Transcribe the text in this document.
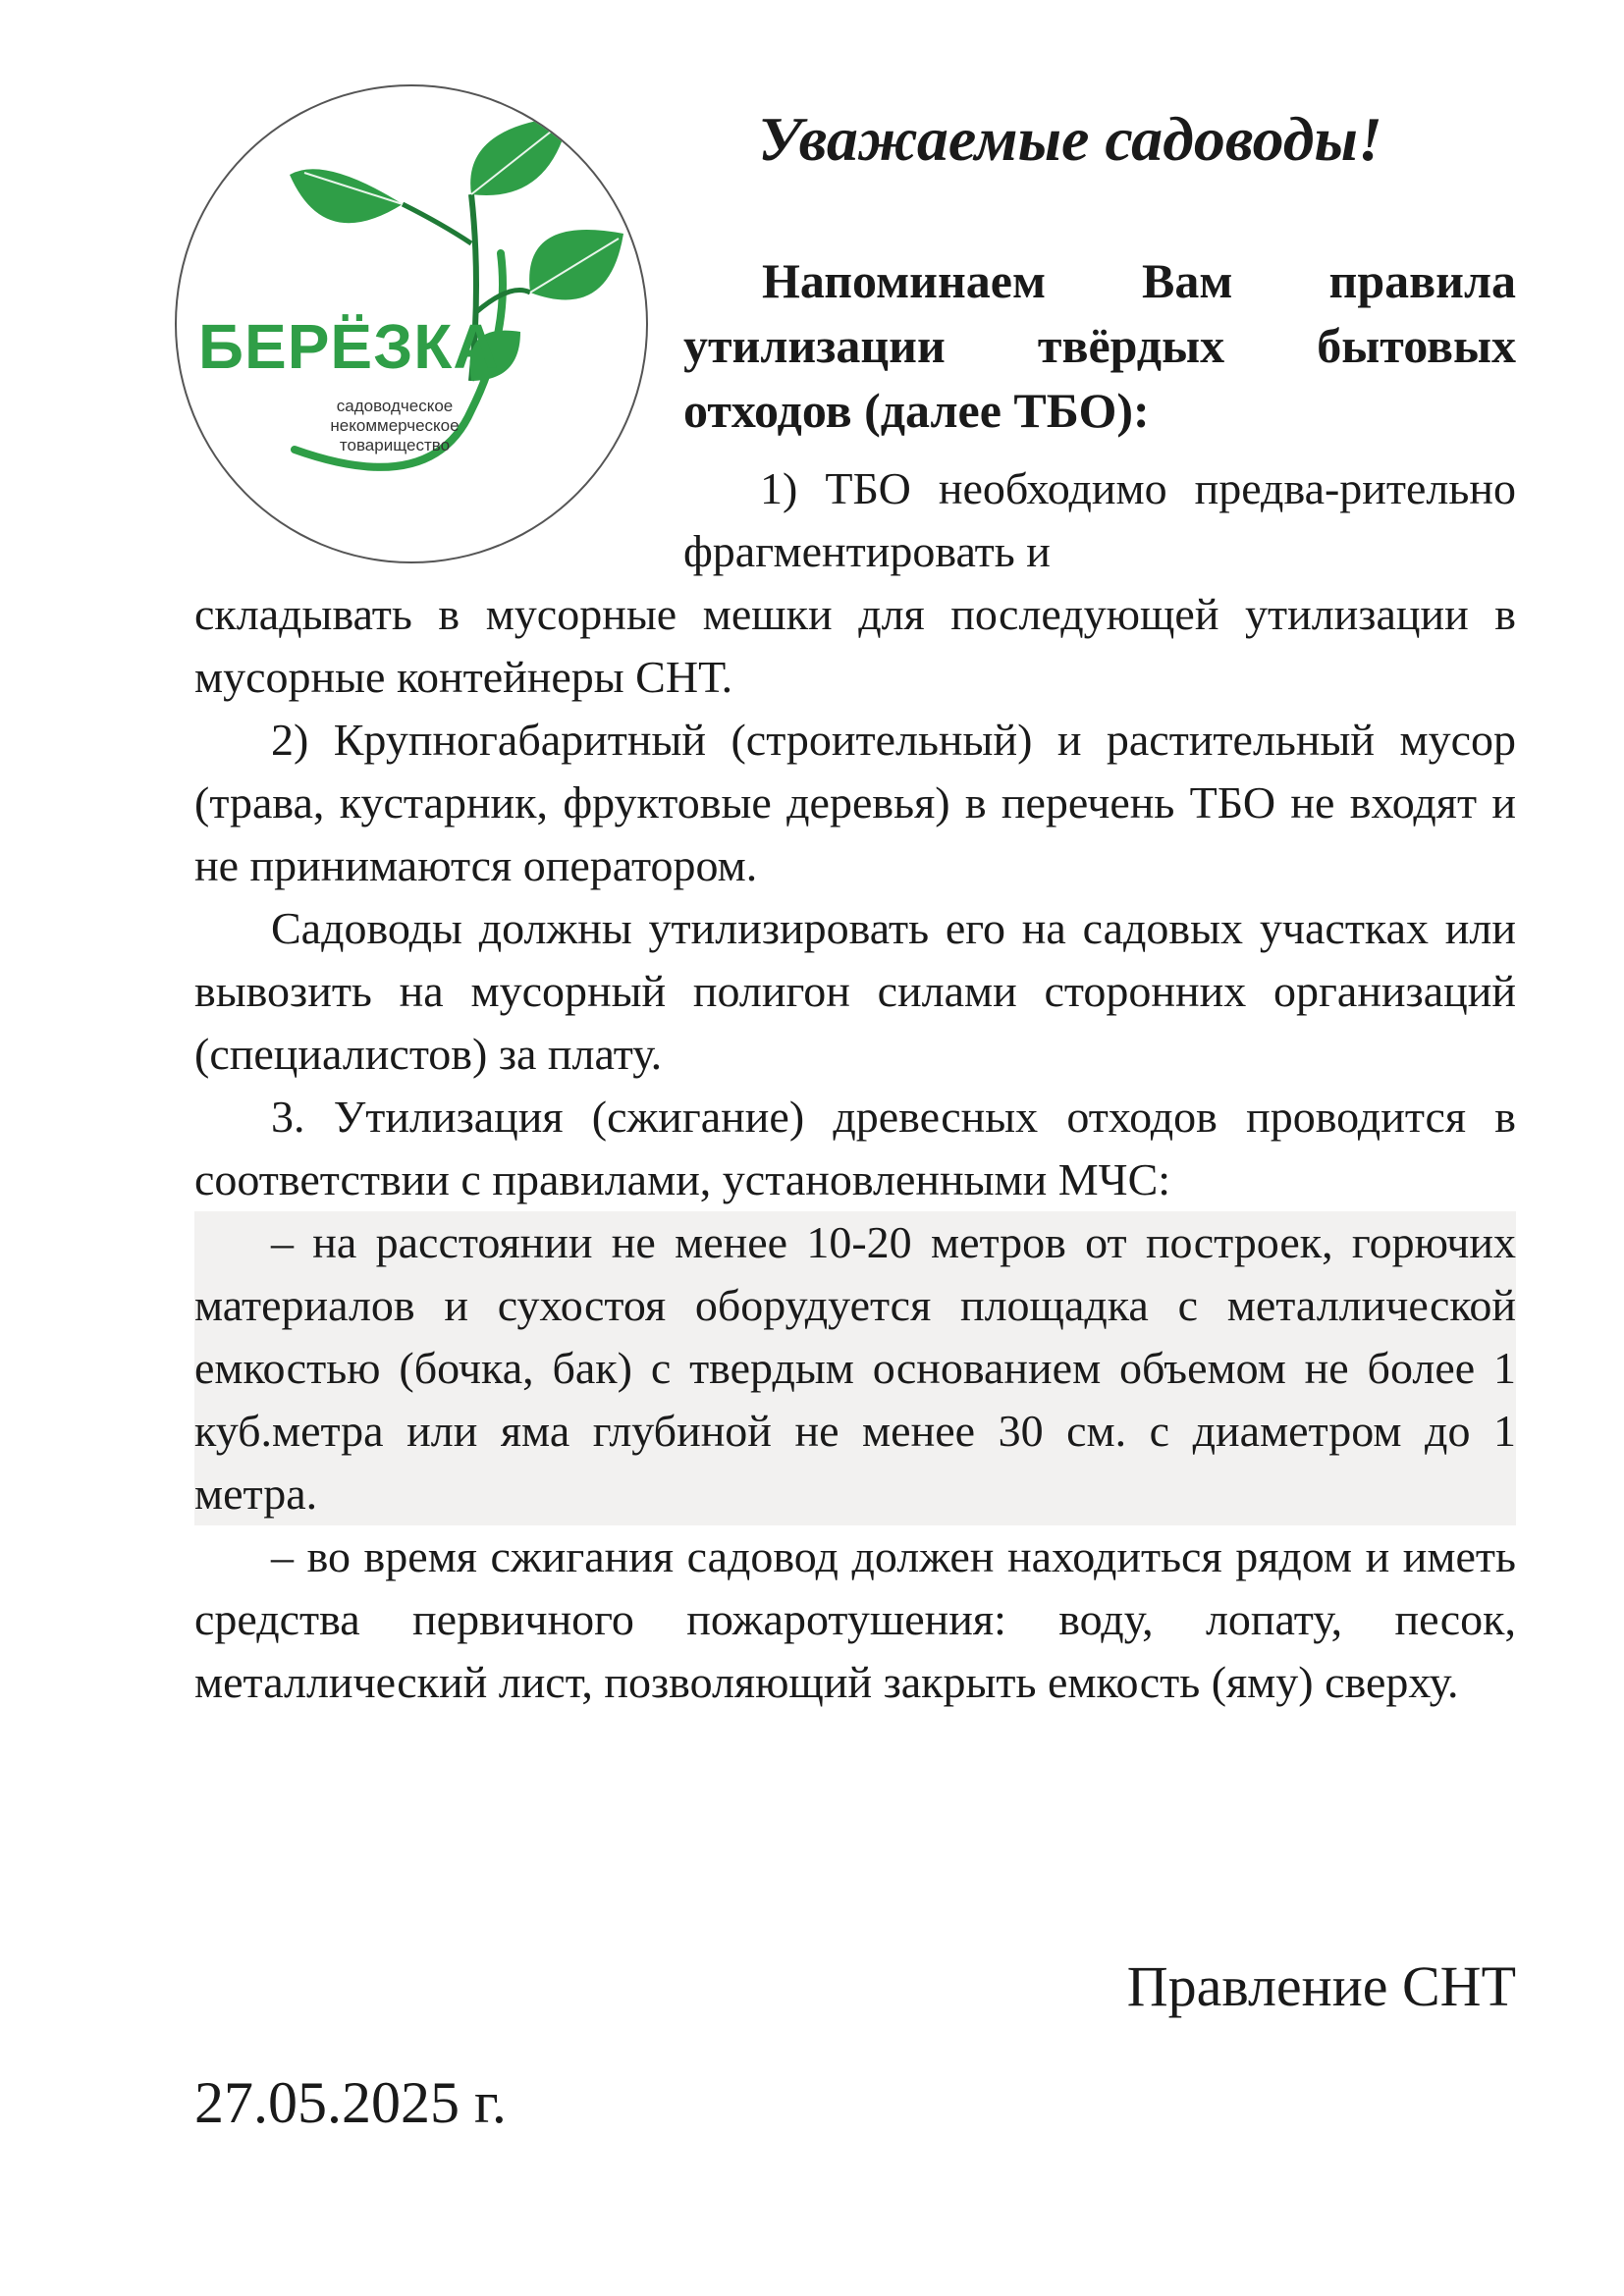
БЕРЁЗКА
садоводческое
некоммерческое
товарищество
Уважаемые садоводы!

Напоминаем Вам правила утилизации твёрдых бытовых отходов (далее ТБО):

1) ТБО необходимо предва-рительно фрагментировать и

складывать в мусорные мешки для последующей утилизации в мусорные контейнеры СНТ.

2) Крупногабаритный (строительный) и растительный мусор (трава, кустарник, фруктовые деревья) в перечень ТБО не входят и не принимаются оператором.

Садоводы должны утилизировать его на садовых участках или вывозить на мусорный полигон силами сторонних организаций (специалистов) за плату.

3. Утилизация (сжигание) древесных отходов проводится в соответствии с правилами, установленными МЧС:

– на расстоянии не менее 10-20 метров от построек, горючих материалов и сухостоя оборудуется площадка с металлической емкостью (бочка, бак) с твердым основанием объемом не более 1 куб.метра или яма глубиной не менее 30 см. с диаметром до 1 метра.

– во время сжигания садовод должен находиться рядом и иметь средства первичного пожаротушения: воду, лопату, песок, металлический лист, позволяющий закрыть емкость (яму) сверху.

Правление СНТ
27.05.2025 г.
